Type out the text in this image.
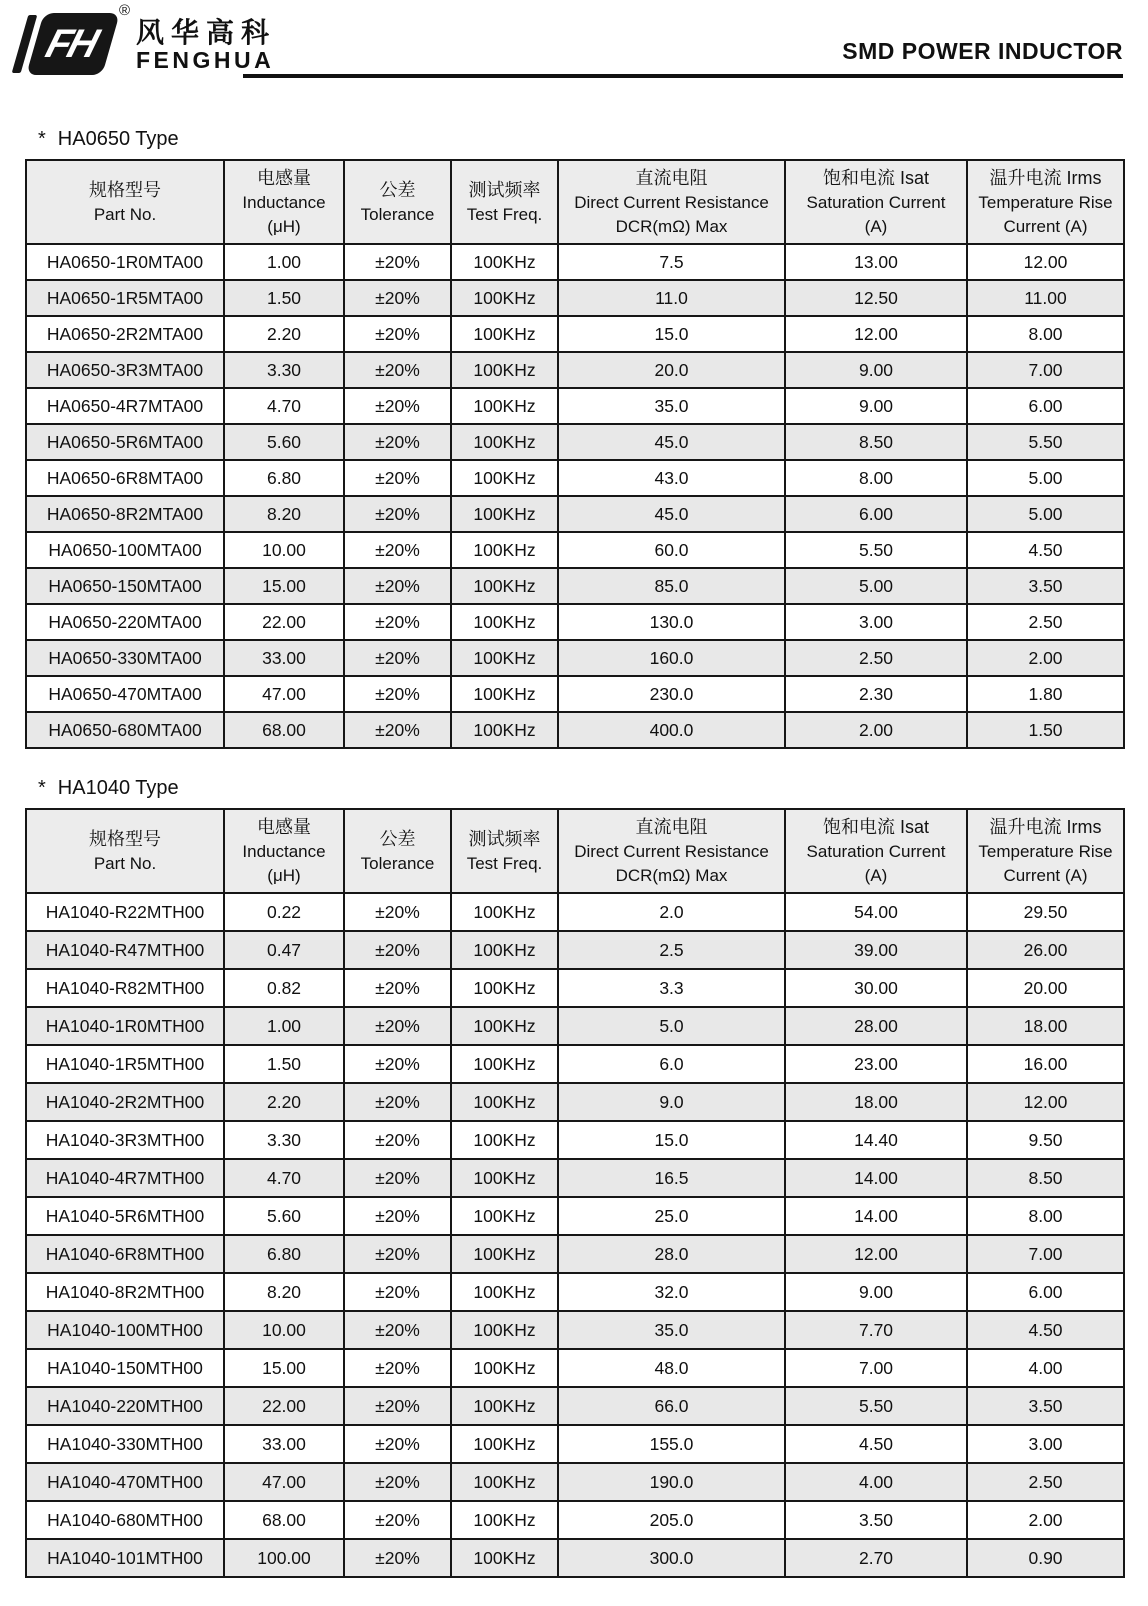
FH
®
风华高科
FENGHUA	SMD POWER INDUCTOR
* HA0650 Type
规格型号
Part No.

电感量
Inductance
(μH)

公差
Tolerance

测试频率
Test Freq.

直流电阻
Direct Current Resistance
DCR(mΩ) Max

饱和电流 Isat
Saturation Current
(A)

温升电流 Irms
Temperature Rise
Current (A)

HA0650-1R0MTA00	1.00	±20%	100KHz	7.5	13.00	12.00
HA0650-1R5MTA00	1.50	±20%	100KHz	11.0	12.50	11.00
HA0650-2R2MTA00	2.20	±20%	100KHz	15.0	12.00	8.00
HA0650-3R3MTA00	3.30	±20%	100KHz	20.0	9.00	7.00
HA0650-4R7MTA00	4.70	±20%	100KHz	35.0	9.00	6.00
HA0650-5R6MTA00	5.60	±20%	100KHz	45.0	8.50	5.50
HA0650-6R8MTA00	6.80	±20%	100KHz	43.0	8.00	5.00
HA0650-8R2MTA00	8.20	±20%	100KHz	45.0	6.00	5.00
HA0650-100MTA00	10.00	±20%	100KHz	60.0	5.50	4.50
HA0650-150MTA00	15.00	±20%	100KHz	85.0	5.00	3.50
HA0650-220MTA00	22.00	±20%	100KHz	130.0	3.00	2.50
HA0650-330MTA00	33.00	±20%	100KHz	160.0	2.50	2.00
HA0650-470MTA00	47.00	±20%	100KHz	230.0	2.30	1.80
HA0650-680MTA00	68.00	±20%	100KHz	400.0	2.00	1.50
* HA1040 Type
规格型号
Part No.

电感量
Inductance
(μH)

公差
Tolerance

测试频率
Test Freq.

直流电阻
Direct Current Resistance
DCR(mΩ) Max

饱和电流 Isat
Saturation Current
(A)

温升电流 Irms
Temperature Rise
Current (A)

HA1040-R22MTH00	0.22	±20%	100KHz	2.0	54.00	29.50
HA1040-R47MTH00	0.47	±20%	100KHz	2.5	39.00	26.00
HA1040-R82MTH00	0.82	±20%	100KHz	3.3	30.00	20.00
HA1040-1R0MTH00	1.00	±20%	100KHz	5.0	28.00	18.00
HA1040-1R5MTH00	1.50	±20%	100KHz	6.0	23.00	16.00
HA1040-2R2MTH00	2.20	±20%	100KHz	9.0	18.00	12.00
HA1040-3R3MTH00	3.30	±20%	100KHz	15.0	14.40	9.50
HA1040-4R7MTH00	4.70	±20%	100KHz	16.5	14.00	8.50
HA1040-5R6MTH00	5.60	±20%	100KHz	25.0	14.00	8.00
HA1040-6R8MTH00	6.80	±20%	100KHz	28.0	12.00	7.00
HA1040-8R2MTH00	8.20	±20%	100KHz	32.0	9.00	6.00
HA1040-100MTH00	10.00	±20%	100KHz	35.0	7.70	4.50
HA1040-150MTH00	15.00	±20%	100KHz	48.0	7.00	4.00
HA1040-220MTH00	22.00	±20%	100KHz	66.0	5.50	3.50
HA1040-330MTH00	33.00	±20%	100KHz	155.0	4.50	3.00
HA1040-470MTH00	47.00	±20%	100KHz	190.0	4.00	2.50
HA1040-680MTH00	68.00	±20%	100KHz	205.0	3.50	2.00
HA1040-101MTH00	100.00	±20%	100KHz	300.0	2.70	0.90
